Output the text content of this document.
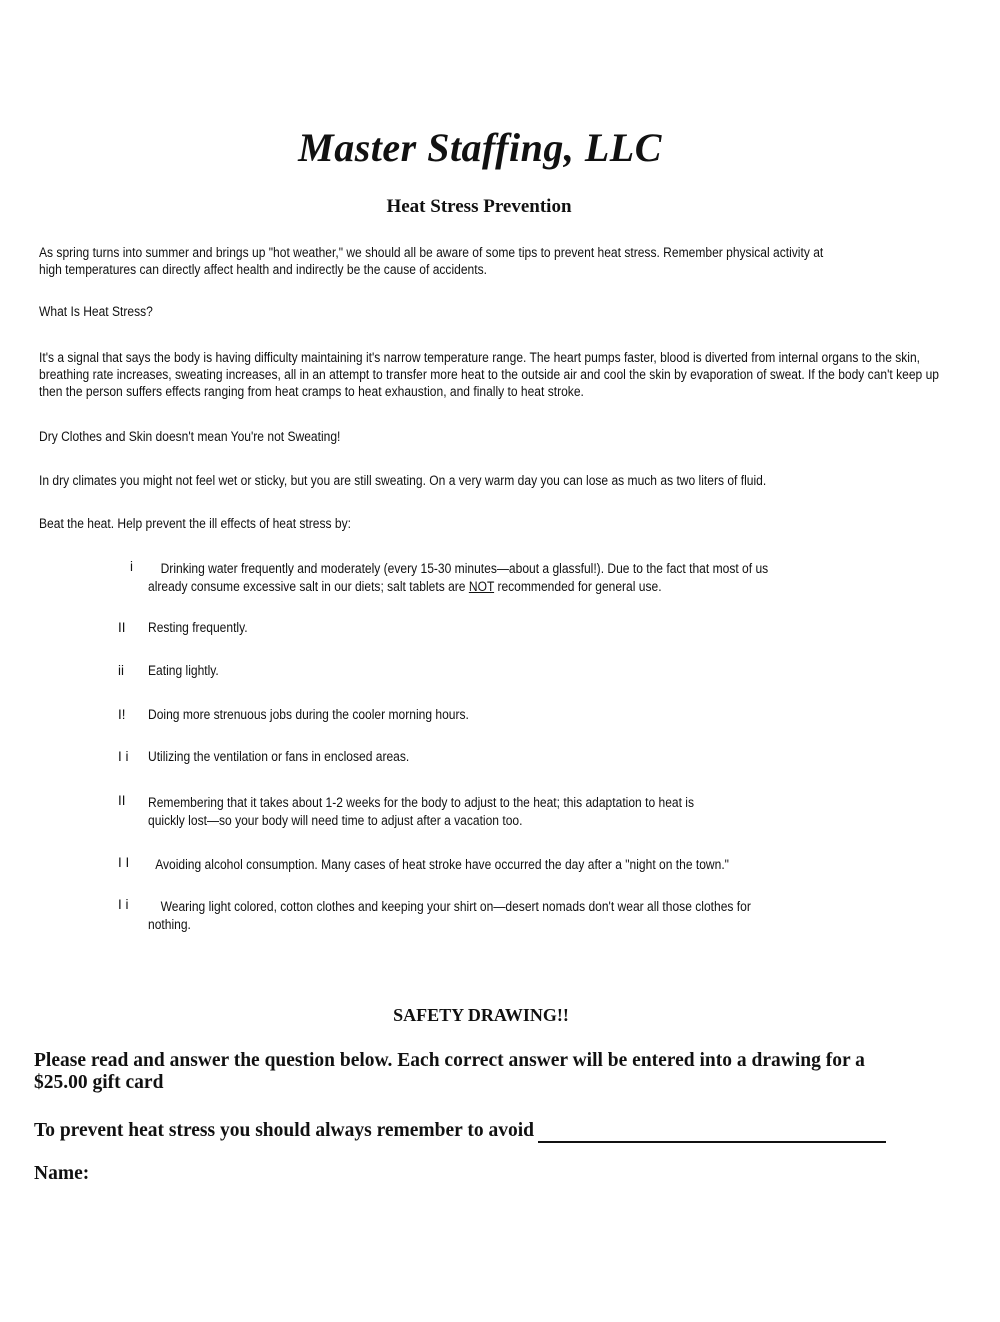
Master Staffing, LLC
Heat Stress Prevention
As spring turns into summer and brings up "hot weather," we should all be aware of some tips to prevent heat stress. Remember physical activity at high temperatures can directly affect health and indirectly be the cause of accidents.
What Is Heat Stress?
It's a signal that says the body is having difficulty maintaining it's narrow temperature range. The heart pumps faster, blood is diverted from internal organs to the skin, breathing rate increases, sweating increases, all in an attempt to transfer more heat to the outside air and cool the skin by evaporation of sweat. If the body can't keep up then the person suffers effects ranging from heat cramps to heat exhaustion, and finally to heat stroke.
Dry Clothes and Skin doesn't mean You're not Sweating!
In dry climates you might not feel wet or sticky, but you are still sweating. On a very warm day you can lose as much as two liters of fluid.
Beat the heat. Help prevent the ill effects of heat stress by:
i	Drinking water frequently and moderately (every 15-30 minutes—about a glassful!). Due to the fact that most of us
already consume excessive salt in our diets; salt tablets are NOT recommended for general use.
II Resting frequently.
ii Eating lightly.
I! Doing more strenuous jobs during the cooler morning hours.
I i Utilizing the ventilation or fans in enclosed areas.
II Remembering that it takes about 1-2 weeks for the body to adjust to the heat; this adaptation to heat is
quickly lost—so your body will need time to adjust after a vacation too.
I I	Avoiding alcohol consumption. Many cases of heat stroke have occurred the day after a "night on the town."
I i	Wearing light colored, cotton clothes and keeping your shirt on—desert nomads don't wear all those clothes for
nothing.
SAFETY DRAWING!!
Please read and answer the question below. Each correct answer will be entered into a drawing for a
$25.00 gift card
To prevent heat stress you should always remember to avoid
Name:
